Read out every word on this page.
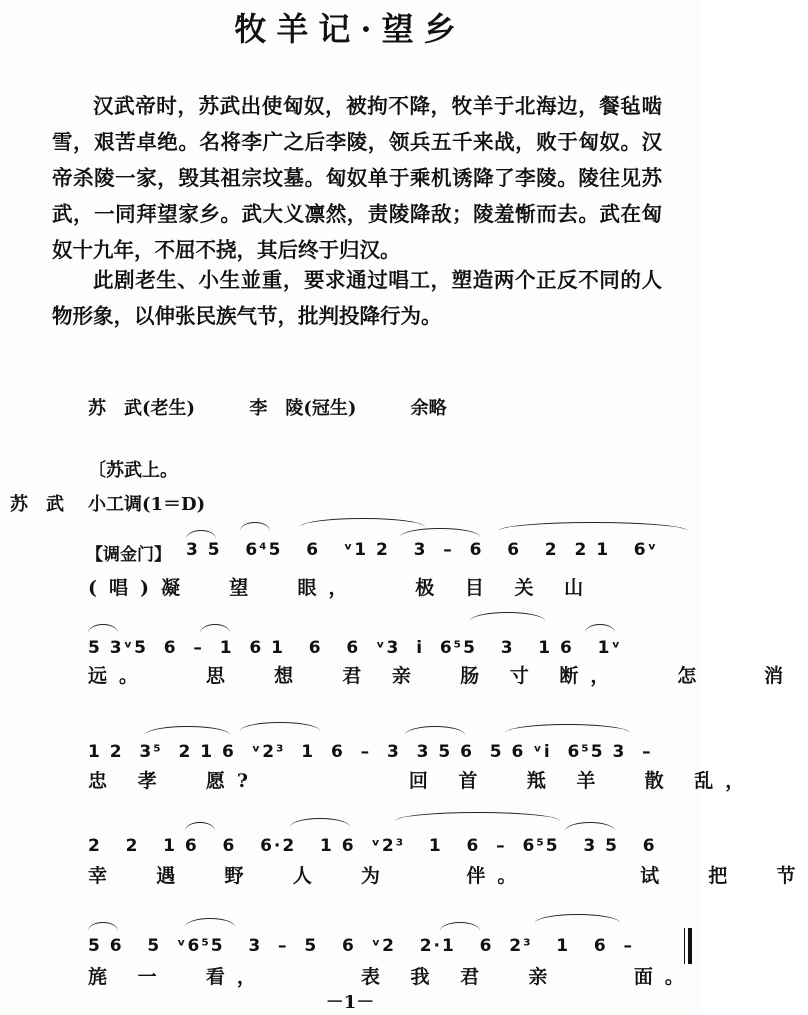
牧羊记·望乡

汉武帝时，苏武出使匈奴，被拘不降，牧羊于北海边，餐毡啮雪，艰苦卓绝。名将李广之后李陵，领兵五千来战，败于匈奴。汉帝杀陵一家，毁其祖宗坟墓。匈奴单于乘机诱降了李陵。陵往见苏武，一同拜望家乡。武大义凛然，责陵降敌；陵羞惭而去。武在匈奴十九年，不屈不挠，其后终于归汉。

此剧老生、小生並重，要求通过唱工，塑造两个正反不同的人物形象，以伸张民族气节，批判投降行为。

苏　武(老生)	李　陵(冠生)	余略
〔苏武上。
苏　武 小工调(1＝D)
【调金门】 3 5   6⁴5   6   ᵛ1 2   3  –  6   6   2  2 1   6ᵛ
(唱)凝  望  眼，   极 目 关 山
5 3ᵛ5  6  –  1  6 1   6   6  ᵛ3  i  6⁵5   3   1 6   1ᵛ
远。   思  想  君 亲  肠 寸 断，   怎   消
1 2  3⁵  2 1 6  ᵛ2³  1  6  –  3  3 5 6  5 6 ᵛi  6⁵5 3  –
忠 孝  愿?        回 首  羝 羊  散 乱，
2   2   1 6   6   6·2   1 6  ᵛ2³   1   6  –  6⁵5   3 5   6
幸  遇  野  人  为    伴。      试  把  节
5 6   5  ᵛ6⁵5   3  –  5   6  ᵛ2   2·1   6  2³   1   6  –
旄 一  看，     表 我 君  亲    面。
－1－
